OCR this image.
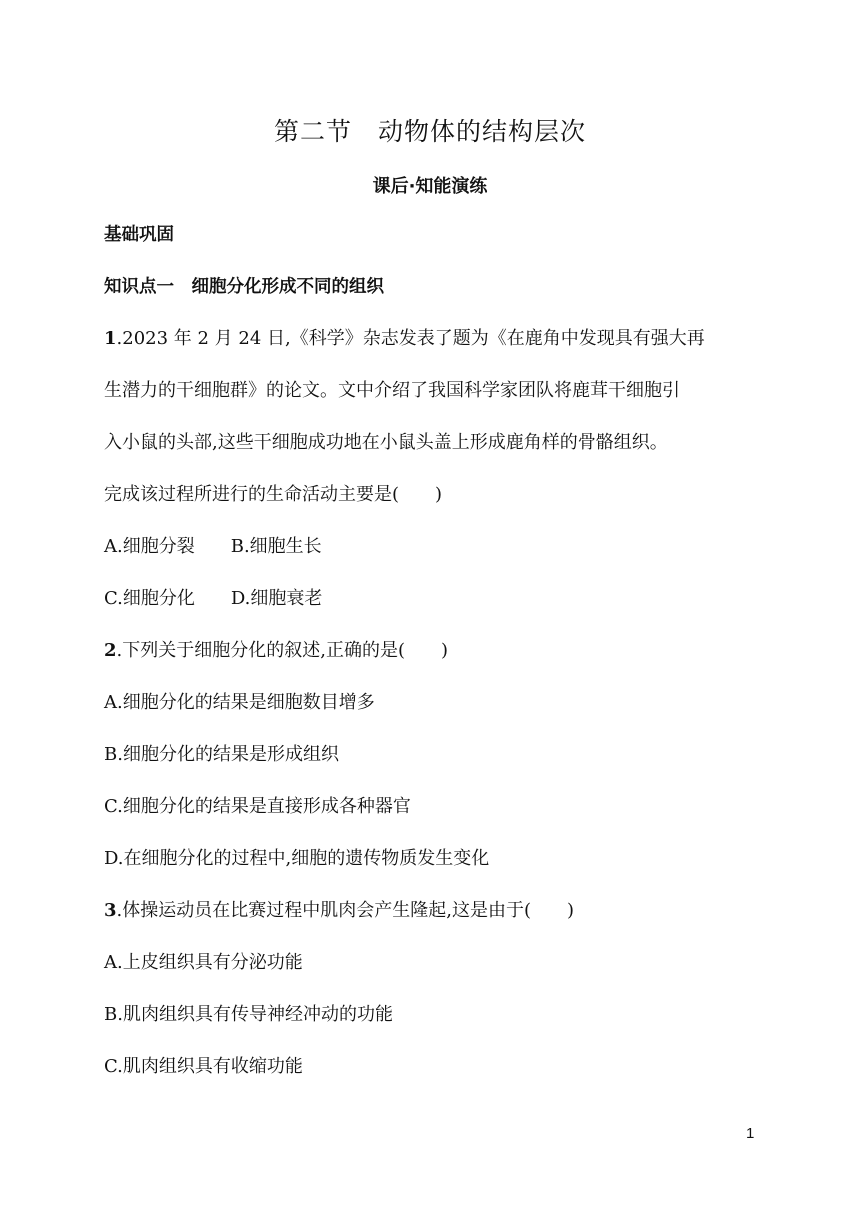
第二节　动物体的结构层次
课后·知能演练
基础巩固
知识点一　细胞分化形成不同的组织
1.2023 年 2 月 24 日,《科学》杂志发表了题为《在鹿角中发现具有强大再
生潜力的干细胞群》的论文。文中介绍了我国科学家团队将鹿茸干细胞引
入小鼠的头部,这些干细胞成功地在小鼠头盖上形成鹿角样的骨骼组织。
完成该过程所进行的生命活动主要是( )
A.细胞分裂 B.细胞生长
C.细胞分化 D.细胞衰老
2.下列关于细胞分化的叙述,正确的是( )
A.细胞分化的结果是细胞数目增多
B.细胞分化的结果是形成组织
C.细胞分化的结果是直接形成各种器官
D.在细胞分化的过程中,细胞的遗传物质发生变化
3.体操运动员在比赛过程中肌肉会产生隆起,这是由于( )
A.上皮组织具有分泌功能
B.肌肉组织具有传导神经冲动的功能
C.肌肉组织具有收缩功能
1
